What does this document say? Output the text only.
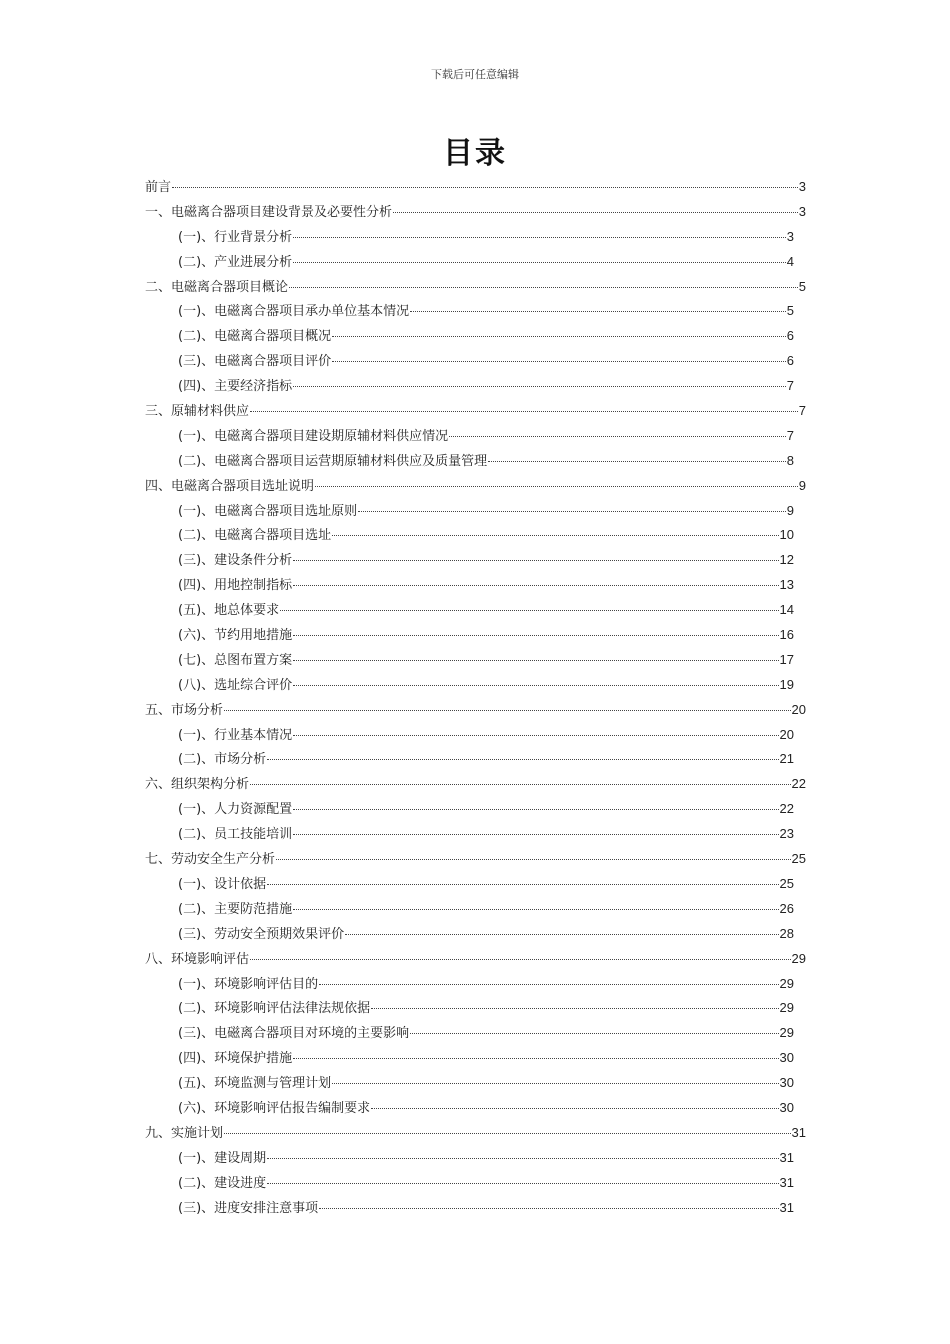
下载后可任意编辑
目录
前言	3
一、电磁离合器项目建设背景及必要性分析	3
(一)、行业背景分析	3
(二)、产业进展分析	4
二、电磁离合器项目概论	5
(一)、电磁离合器项目承办单位基本情况	5
(二)、电磁离合器项目概况	6
(三)、电磁离合器项目评价	6
(四)、主要经济指标	7
三、原辅材料供应	7
(一)、电磁离合器项目建设期原辅材料供应情况	7
(二)、电磁离合器项目运营期原辅材料供应及质量管理	8
四、电磁离合器项目选址说明	9
(一)、电磁离合器项目选址原则	9
(二)、电磁离合器项目选址	10
(三)、建设条件分析	12
(四)、用地控制指标	13
(五)、地总体要求	14
(六)、节约用地措施	16
(七)、总图布置方案	17
(八)、选址综合评价	19
五、市场分析	20
(一)、行业基本情况	20
(二)、市场分析	21
六、组织架构分析	22
(一)、人力资源配置	22
(二)、员工技能培训	23
七、劳动安全生产分析	25
(一)、设计依据	25
(二)、主要防范措施	26
(三)、劳动安全预期效果评价	28
八、环境影响评估	29
(一)、环境影响评估目的	29
(二)、环境影响评估法律法规依据	29
(三)、电磁离合器项目对环境的主要影响	29
(四)、环境保护措施	30
(五)、环境监测与管理计划	30
(六)、环境影响评估报告编制要求	30
九、实施计划	31
(一)、建设周期	31
(二)、建设进度	31
(三)、进度安排注意事项	31
